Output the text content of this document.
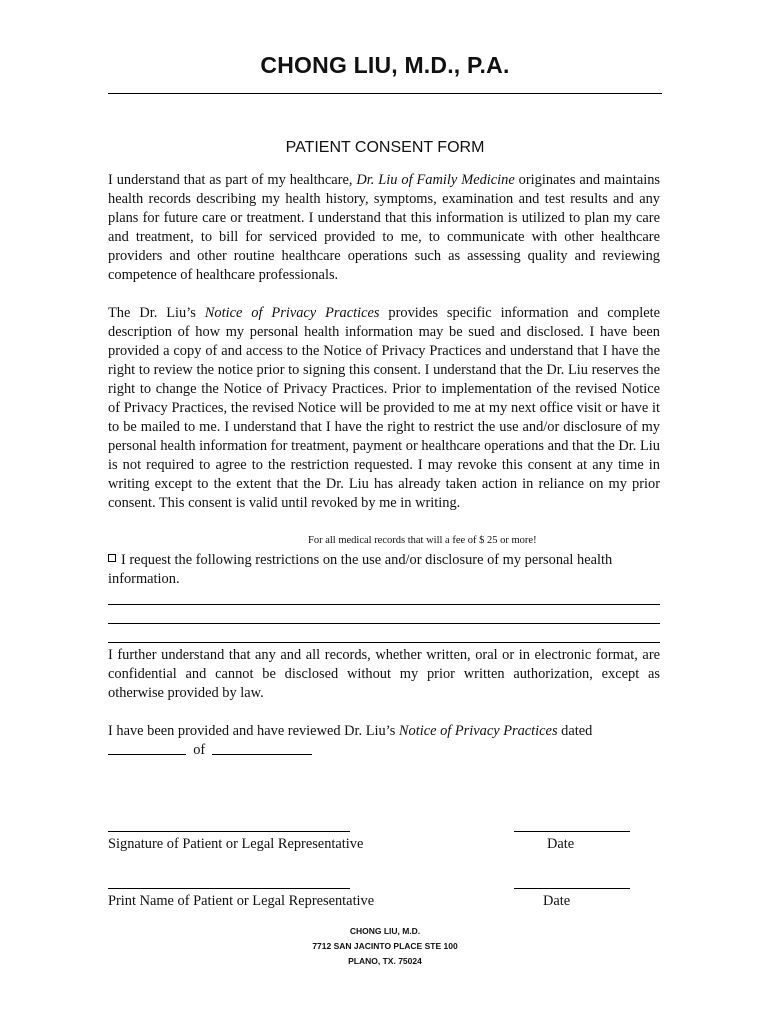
CHONG LIU, M.D., P.A.
PATIENT CONSENT FORM

I understand that as part of my healthcare, Dr. Liu of Family Medicine originates and maintains health records describing my health history, symptoms, examination and test results and any plans for future care or treatment. I understand that this information is utilized to plan my care and treatment, to bill for serviced provided to me, to communicate with other healthcare providers and other routine healthcare operations such as assessing quality and reviewing competence of healthcare professionals.

The Dr. Liu’s Notice of Privacy Practices provides specific information and complete description of how my personal health information may be sued and disclosed. I have been provided a copy of and access to the Notice of Privacy Practices and understand that I have the right to review the notice prior to signing this consent. I understand that the Dr. Liu reserves the right to change the Notice of Privacy Practices. Prior to implementation of the revised Notice of Privacy Practices, the revised Notice will be provided to me at my next office visit or have it to be mailed to me. I understand that I have the right to restrict the use and/or disclosure of my personal health information for treatment, payment or healthcare operations and that the Dr. Liu is not required to agree to the restriction requested. I may revoke this consent at any time in writing except to the extent that the Dr. Liu has already taken action in reliance on my prior consent. This consent is valid until revoked by me in writing.

For all medical records that will a fee of $ 25 or more!

I request the following restrictions on the use and/or disclosure of my personal health information.

I further understand that any and all records, whether written, oral or in electronic format, are confidential and cannot be disclosed without my prior written authorization, except as otherwise provided by law.

I have been provided and have reviewed Dr. Liu’s Notice of Privacy Practices dated
of

Signature of Patient or Legal Representative	Date
Print Name of Patient or Legal Representative	Date
CHONG LIU, M.D.
7712 SAN JACINTO PLACE STE 100
PLANO, TX. 75024
